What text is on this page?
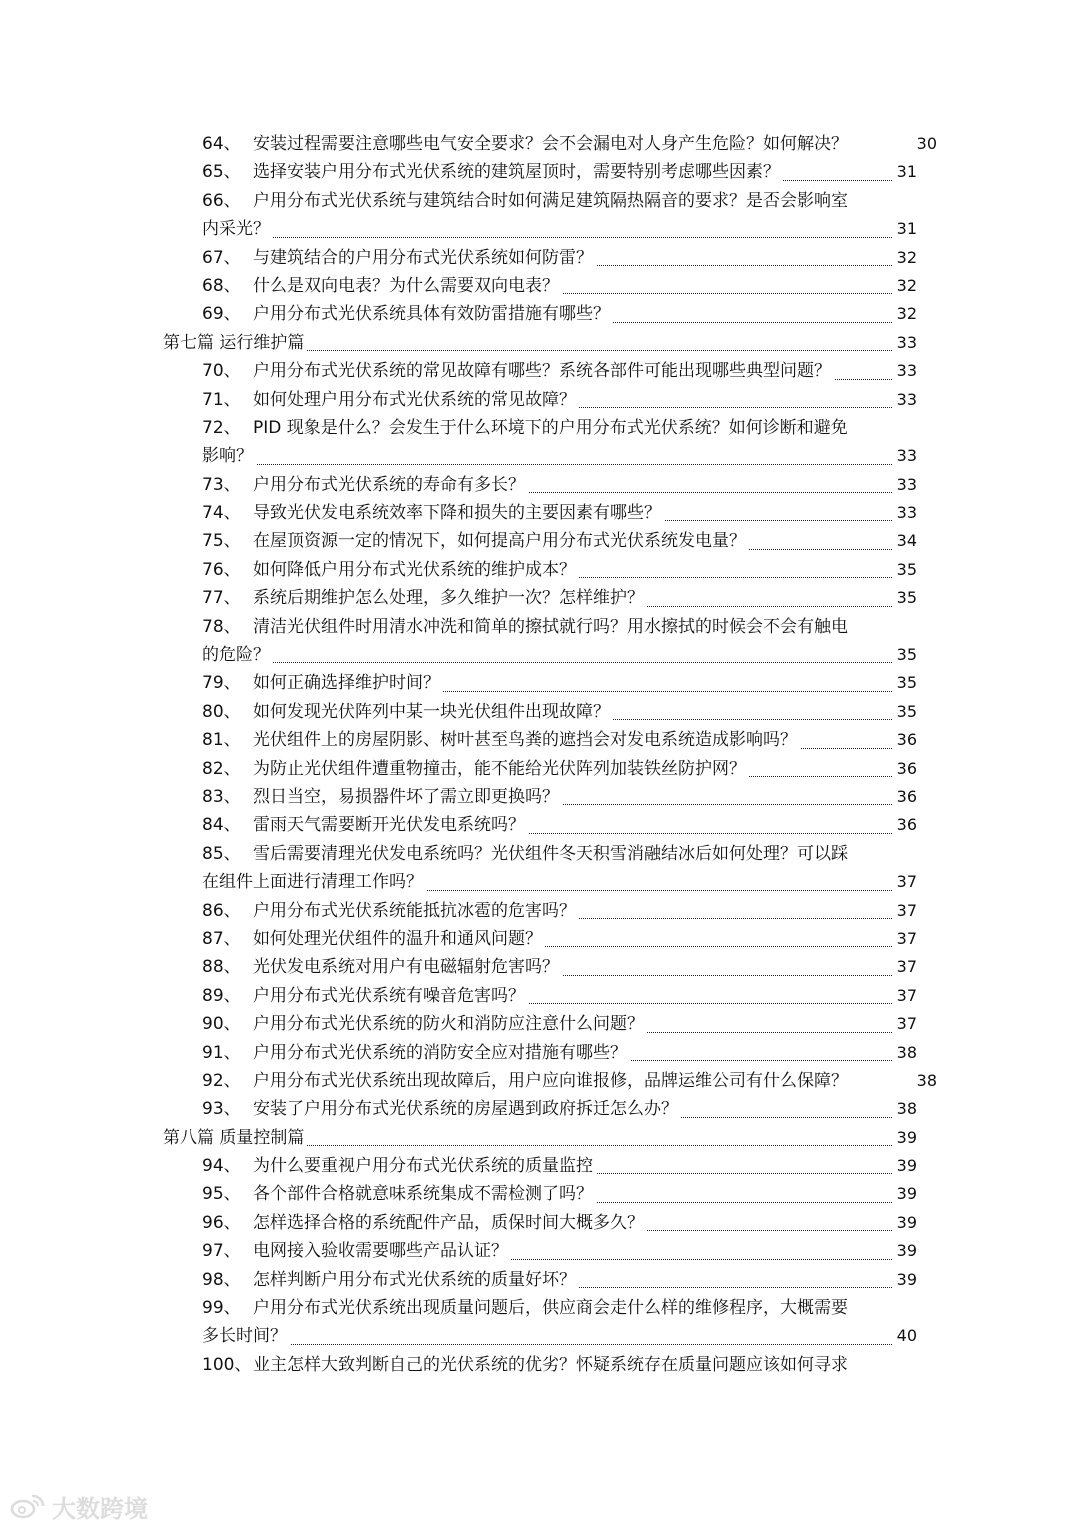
64、 安装过程需要注意哪些电气安全要求？会不会漏电对人身产生危险？如何解决？	30
65、 选择安装户用分布式光伏系统的建筑屋顶时，需要特别考虑哪些因素？	31
66、 户用分布式光伏系统与建筑结合时如何满足建筑隔热隔音的要求？是否会影响室
内采光？	31
67、 与建筑结合的户用分布式光伏系统如何防雷？	32
68、 什么是双向电表？为什么需要双向电表？	32
69、 户用分布式光伏系统具体有效防雷措施有哪些？	32
第七篇 运行维护篇	33
70、 户用分布式光伏系统的常见故障有哪些？系统各部件可能出现哪些典型问题？	33
71、 如何处理户用分布式光伏系统的常见故障？	33
72、 PID 现象是什么？会发生于什么环境下的户用分布式光伏系统？如何诊断和避免
影响？	33
73、 户用分布式光伏系统的寿命有多长？	33
74、 导致光伏发电系统效率下降和损失的主要因素有哪些？	33
75、 在屋顶资源一定的情况下，如何提高户用分布式光伏系统发电量？	34
76、 如何降低户用分布式光伏系统的维护成本？	35
77、 系统后期维护怎么处理，多久维护一次？怎样维护？	35
78、 清洁光伏组件时用清水冲洗和简单的擦拭就行吗？用水擦拭的时候会不会有触电
的危险？	35
79、 如何正确选择维护时间？	35
80、 如何发现光伏阵列中某一块光伏组件出现故障？	35
81、 光伏组件上的房屋阴影、树叶甚至鸟粪的遮挡会对发电系统造成影响吗？	36
82、 为防止光伏组件遭重物撞击，能不能给光伏阵列加装铁丝防护网？	36
83、 烈日当空，易损器件坏了需立即更换吗？	36
84、 雷雨天气需要断开光伏发电系统吗？	36
85、 雪后需要清理光伏发电系统吗？光伏组件冬天积雪消融结冰后如何处理？可以踩
在组件上面进行清理工作吗？	37
86、 户用分布式光伏系统能抵抗冰雹的危害吗？	37
87、 如何处理光伏组件的温升和通风问题？	37
88、 光伏发电系统对用户有电磁辐射危害吗？	37
89、 户用分布式光伏系统有噪音危害吗？	37
90、 户用分布式光伏系统的防火和消防应注意什么问题？	37
91、 户用分布式光伏系统的消防安全应对措施有哪些？	38
92、 户用分布式光伏系统出现故障后，用户应向谁报修，品牌运维公司有什么保障？	38
93、 安装了户用分布式光伏系统的房屋遇到政府拆迁怎么办？	38
第八篇 质量控制篇	39
94、 为什么要重视户用分布式光伏系统的质量监控	39
95、 各个部件合格就意味系统集成不需检测了吗？	39
96、 怎样选择合格的系统配件产品，质保时间大概多久？	39
97、 电网接入验收需要哪些产品认证？	39
98、 怎样判断户用分布式光伏系统的质量好坏？	39
99、 户用分布式光伏系统出现质量问题后，供应商会走什么样的维修程序，大概需要
多长时间？	40
100、业主怎样大致判断自己的光伏系统的优劣？怀疑系统存在质量问题应该如何寻求
大数跨境
